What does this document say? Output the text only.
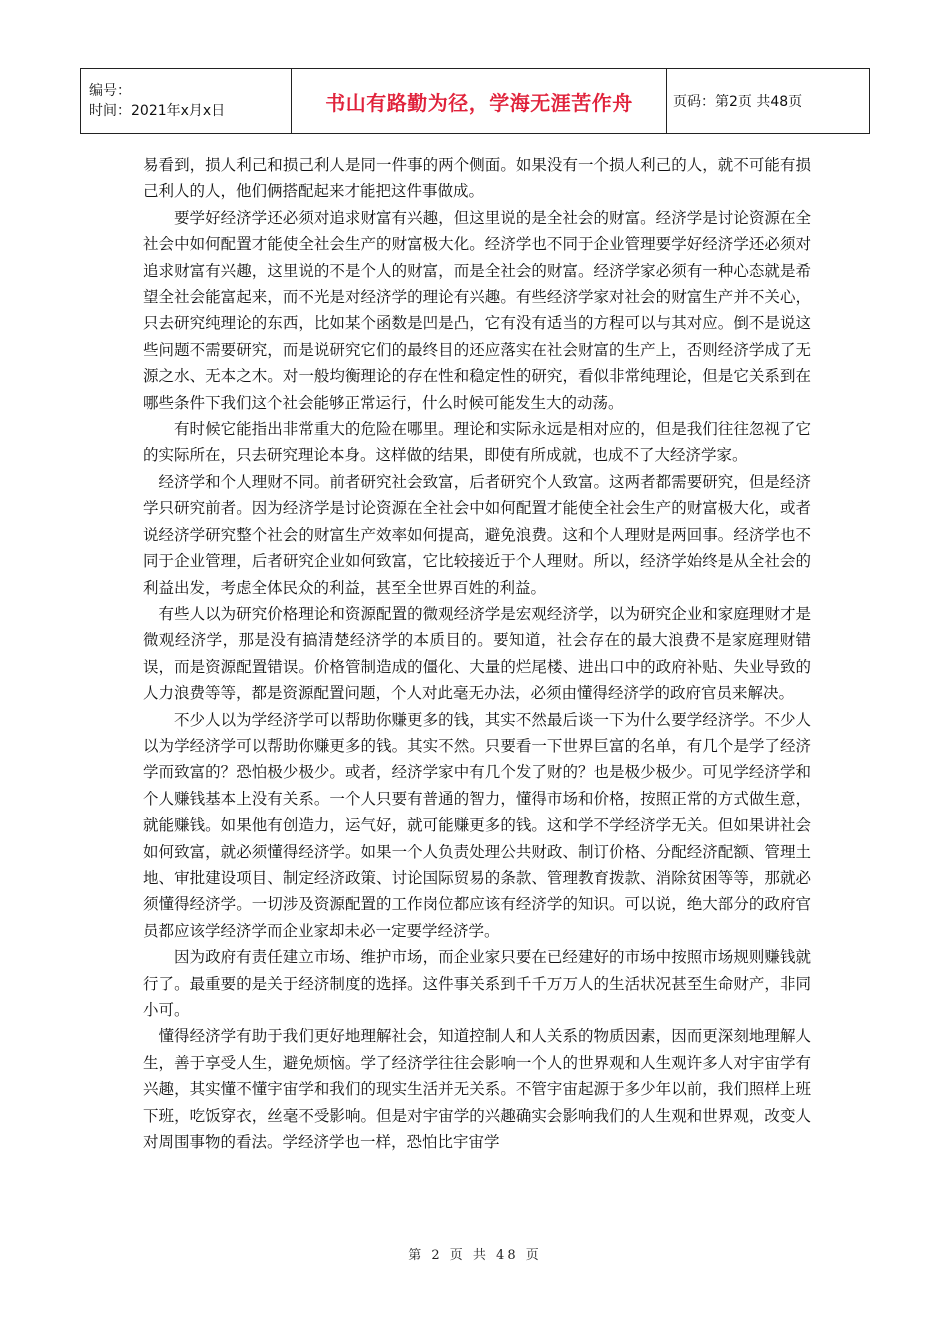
编号：
时间：2021年x月x日	书山有路勤为径，学海无涯苦作舟	页码：第2页 共48页

易看到，损人利己和损己利人是同一件事的两个侧面。如果没有一个损人利己的人，就不可能有损己利人的人，他们俩搭配起来才能把这件事做成。

要学好经济学还必须对追求财富有兴趣，但这里说的是全社会的财富。经济学是讨论资源在全社会中如何配置才能使全社会生产的财富极大化。经济学也不同于企业管理要学好经济学还必须对追求财富有兴趣，这里说的不是个人的财富，而是全社会的财富。经济学家必须有一种心态就是希望全社会能富起来，而不光是对经济学的理论有兴趣。有些经济学家对社会的财富生产并不关心，只去研究纯理论的东西，比如某个函数是凹是凸，它有没有适当的方程可以与其对应。倒不是说这些问题不需要研究，而是说研究它们的最终目的还应落实在社会财富的生产上，否则经济学成了无源之水、无本之木。对一般均衡理论的存在性和稳定性的研究，看似非常纯理论，但是它关系到在哪些条件下我们这个社会能够正常运行，什么时候可能发生大的动荡。

有时候它能指出非常重大的危险在哪里。理论和实际永远是相对应的，但是我们往往忽视了它的实际所在，只去研究理论本身。这样做的结果，即使有所成就，也成不了大经济学家。

经济学和个人理财不同。前者研究社会致富，后者研究个人致富。这两者都需要研究，但是经济学只研究前者。因为经济学是讨论资源在全社会中如何配置才能使全社会生产的财富极大化，或者说经济学研究整个社会的财富生产效率如何提高，避免浪费。这和个人理财是两回事。经济学也不同于企业管理，后者研究企业如何致富，它比较接近于个人理财。所以，经济学始终是从全社会的利益出发，考虑全体民众的利益，甚至全世界百姓的利益。

有些人以为研究价格理论和资源配置的微观经济学是宏观经济学，以为研究企业和家庭理财才是微观经济学，那是没有搞清楚经济学的本质目的。要知道，社会存在的最大浪费不是家庭理财错误，而是资源配置错误。价格管制造成的僵化、大量的烂尾楼、进出口中的政府补贴、失业导致的人力浪费等等，都是资源配置问题，个人对此毫无办法，必须由懂得经济学的政府官员来解决。

不少人以为学经济学可以帮助你赚更多的钱，其实不然最后谈一下为什么要学经济学。不少人以为学经济学可以帮助你赚更多的钱。其实不然。只要看一下世界巨富的名单，有几个是学了经济学而致富的？恐怕极少极少。或者，经济学家中有几个发了财的？也是极少极少。可见学经济学和个人赚钱基本上没有关系。一个人只要有普通的智力，懂得市场和价格，按照正常的方式做生意，就能赚钱。如果他有创造力，运气好，就可能赚更多的钱。这和学不学经济学无关。但如果讲社会如何致富，就必须懂得经济学。如果一个人负责处理公共财政、制订价格、分配经济配额、管理土地、审批建设项目、制定经济政策、讨论国际贸易的条款、管理教育拨款、消除贫困等等，那就必须懂得经济学。一切涉及资源配置的工作岗位都应该有经济学的知识。可以说，绝大部分的政府官员都应该学经济学而企业家却未必一定要学经济学。

因为政府有责任建立市场、维护市场，而企业家只要在已经建好的市场中按照市场规则赚钱就行了。最重要的是关于经济制度的选择。这件事关系到千千万万人的生活状况甚至生命财产，非同小可。

懂得经济学有助于我们更好地理解社会，知道控制人和人关系的物质因素，因而更深刻地理解人生，善于享受人生，避免烦恼。学了经济学往往会影响一个人的世界观和人生观许多人对宇宙学有兴趣，其实懂不懂宇宙学和我们的现实生活并无关系。不管宇宙起源于多少年以前，我们照样上班下班，吃饭穿衣，丝毫不受影响。但是对宇宙学的兴趣确实会影响我们的人生观和世界观，改变人对周围事物的看法。学经济学也一样，恐怕比宇宙学

第 2 页 共 48 页
